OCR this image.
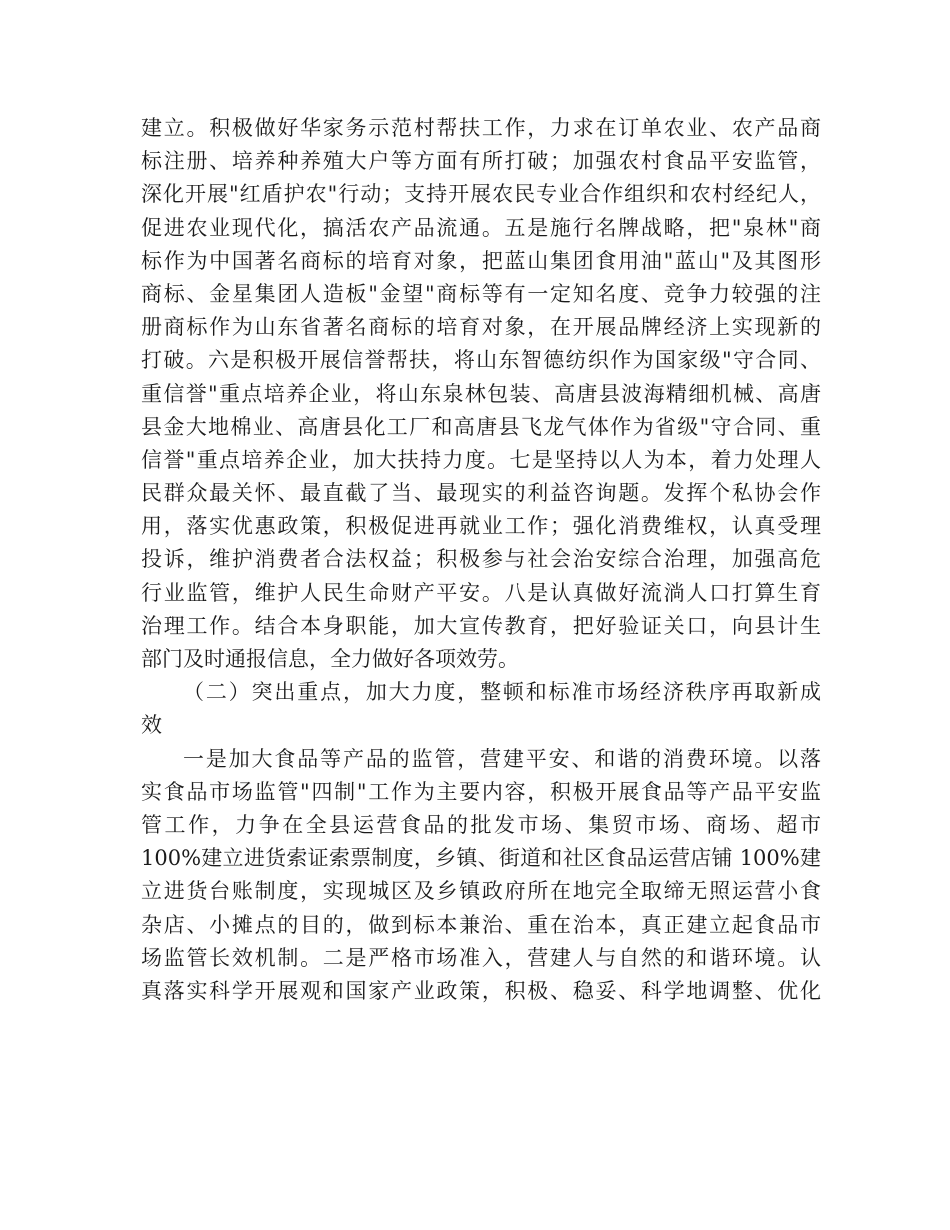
建立。积极做好华家务示范村帮扶工作，力求在订单农业、农产品商
标注册、培养种养殖大户等方面有所打破；加强农村食品平安监管，
深化开展"红盾护农"行动；支持开展农民专业合作组织和农村经纪人，
促进农业现代化，搞活农产品流通。五是施行名牌战略，把"泉林"商
标作为中国著名商标的培育对象，把蓝山集团食用油"蓝山"及其图形
商标、金星集团人造板"金望"商标等有一定知名度、竞争力较强的注
册商标作为山东省著名商标的培育对象，在开展品牌经济上实现新的
打破。六是积极开展信誉帮扶，将山东智德纺织作为国家级"守合同、
重信誉"重点培养企业，将山东泉林包装、高唐县波海精细机械、高唐
县金大地棉业、高唐县化工厂和高唐县飞龙气体作为省级"守合同、重
信誉"重点培养企业，加大扶持力度。七是坚持以人为本，着力处理人
民群众最关怀、最直截了当、最现实的利益咨询题。发挥个私协会作
用，落实优惠政策，积极促进再就业工作；强化消费维权，认真受理
投诉，维护消费者合法权益；积极参与社会治安综合治理，加强高危
行业监管，维护人民生命财产平安。八是认真做好流淌人口打算生育
治理工作。结合本身职能，加大宣传教育，把好验证关口，向县计生
部门及时通报信息，全力做好各项效劳。
（二）突出重点，加大力度，整顿和标准市场经济秩序再取新成
效
一是加大食品等产品的监管，营建平安、和谐的消费环境。以落
实食品市场监管"四制"工作为主要内容，积极开展食品等产品平安监
管工作，力争在全县运营食品的批发市场、集贸市场、商场、超市
100%建立进货索证索票制度，乡镇、街道和社区食品运营店铺 100%建
立进货台账制度，实现城区及乡镇政府所在地完全取缔无照运营小食
杂店、小摊点的目的，做到标本兼治、重在治本，真正建立起食品市
场监管长效机制。二是严格市场准入，营建人与自然的和谐环境。认
真落实科学开展观和国家产业政策，积极、稳妥、科学地调整、优化
